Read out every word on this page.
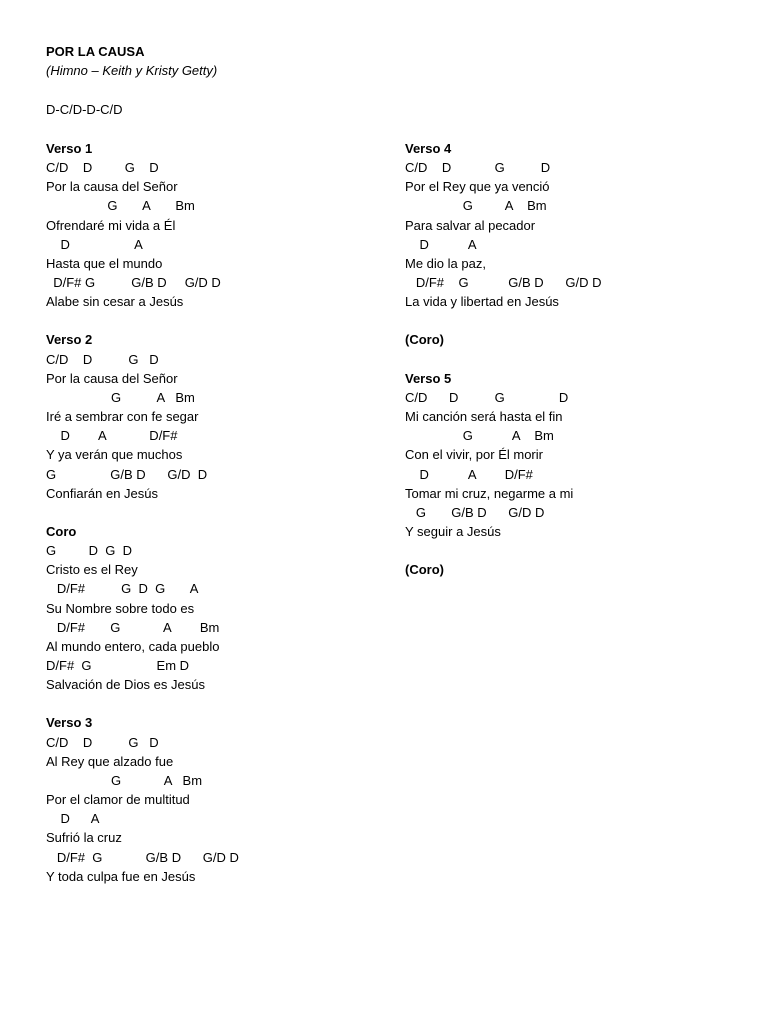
POR LA CAUSA
(Himno – Keith y Kristy Getty)
D-C/D-D-C/D
Verso 1
C/D    D         G    D
Por la causa del Señor
G       A       Bm
Ofrendaré mi vida a Él
D                  A
Hasta que el mundo
D/F# G          G/B D     G/D D
Alabe sin cesar a Jesús
Verso 2
C/D    D          G   D
Por la causa del Señor
G          A   Bm
Iré a sembrar con fe segar
D        A            D/F#
Y ya verán que muchos
G               G/B D      G/D  D
Confiarán en Jesús
Coro
G         D  G  D
Cristo es el Rey
D/F#          G  D  G       A
Su Nombre sobre todo es
D/F#       G            A        Bm
Al mundo entero, cada pueblo
D/F#  G                  Em D
Salvación de Dios es Jesús
Verso 3
C/D    D          G   D
Al Rey que alzado fue
G            A   Bm
Por el clamor de multitud
D      A
Sufrió la cruz
D/F#  G            G/B D      G/D D
Y toda culpa fue en Jesús
Verso 4
C/D    D            G          D
Por el Rey que ya venció
G         A    Bm
Para salvar al pecador
D           A
Me dio la paz,
D/F#    G           G/B D      G/D D
La vida y libertad en Jesús
(Coro)
Verso 5
C/D      D          G               D
Mi canción será hasta el fin
G           A    Bm
Con el vivir, por Él morir
D           A        D/F#
Tomar mi cruz, negarme a mi
G       G/B D      G/D D
Y seguir a Jesús
(Coro)
